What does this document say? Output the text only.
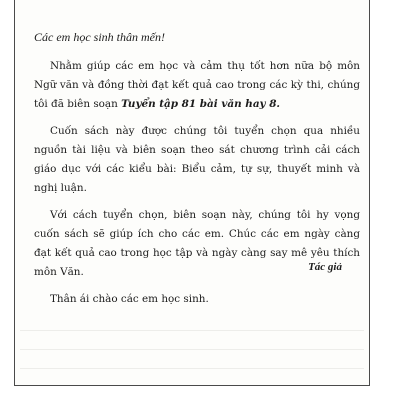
Các em học sinh thân mến!

Nhằm giúp các em học và cảm thụ tốt hơn nữa bộ môn Ngữ văn và đồng thời đạt kết quả cao trong các kỳ thi, chúng tôi đã biên soạn Tuyển tập 81 bài văn hay 8.

Cuốn sách này được chúng tôi tuyển chọn qua nhiều nguồn tài liệu và biên soạn theo sát chương trình cải cách giáo dục với các kiểu bài: Biểu cảm, tự sự, thuyết minh và nghị luận.

Với cách tuyển chọn, biên soạn này, chúng tôi hy vọng cuốn sách sẽ giúp ích cho các em. Chúc các em ngày càng đạt kết quả cao trong học tập và ngày càng say mê yêu thích môn Văn.

Thân ái chào các em học sinh.

Tác giả
